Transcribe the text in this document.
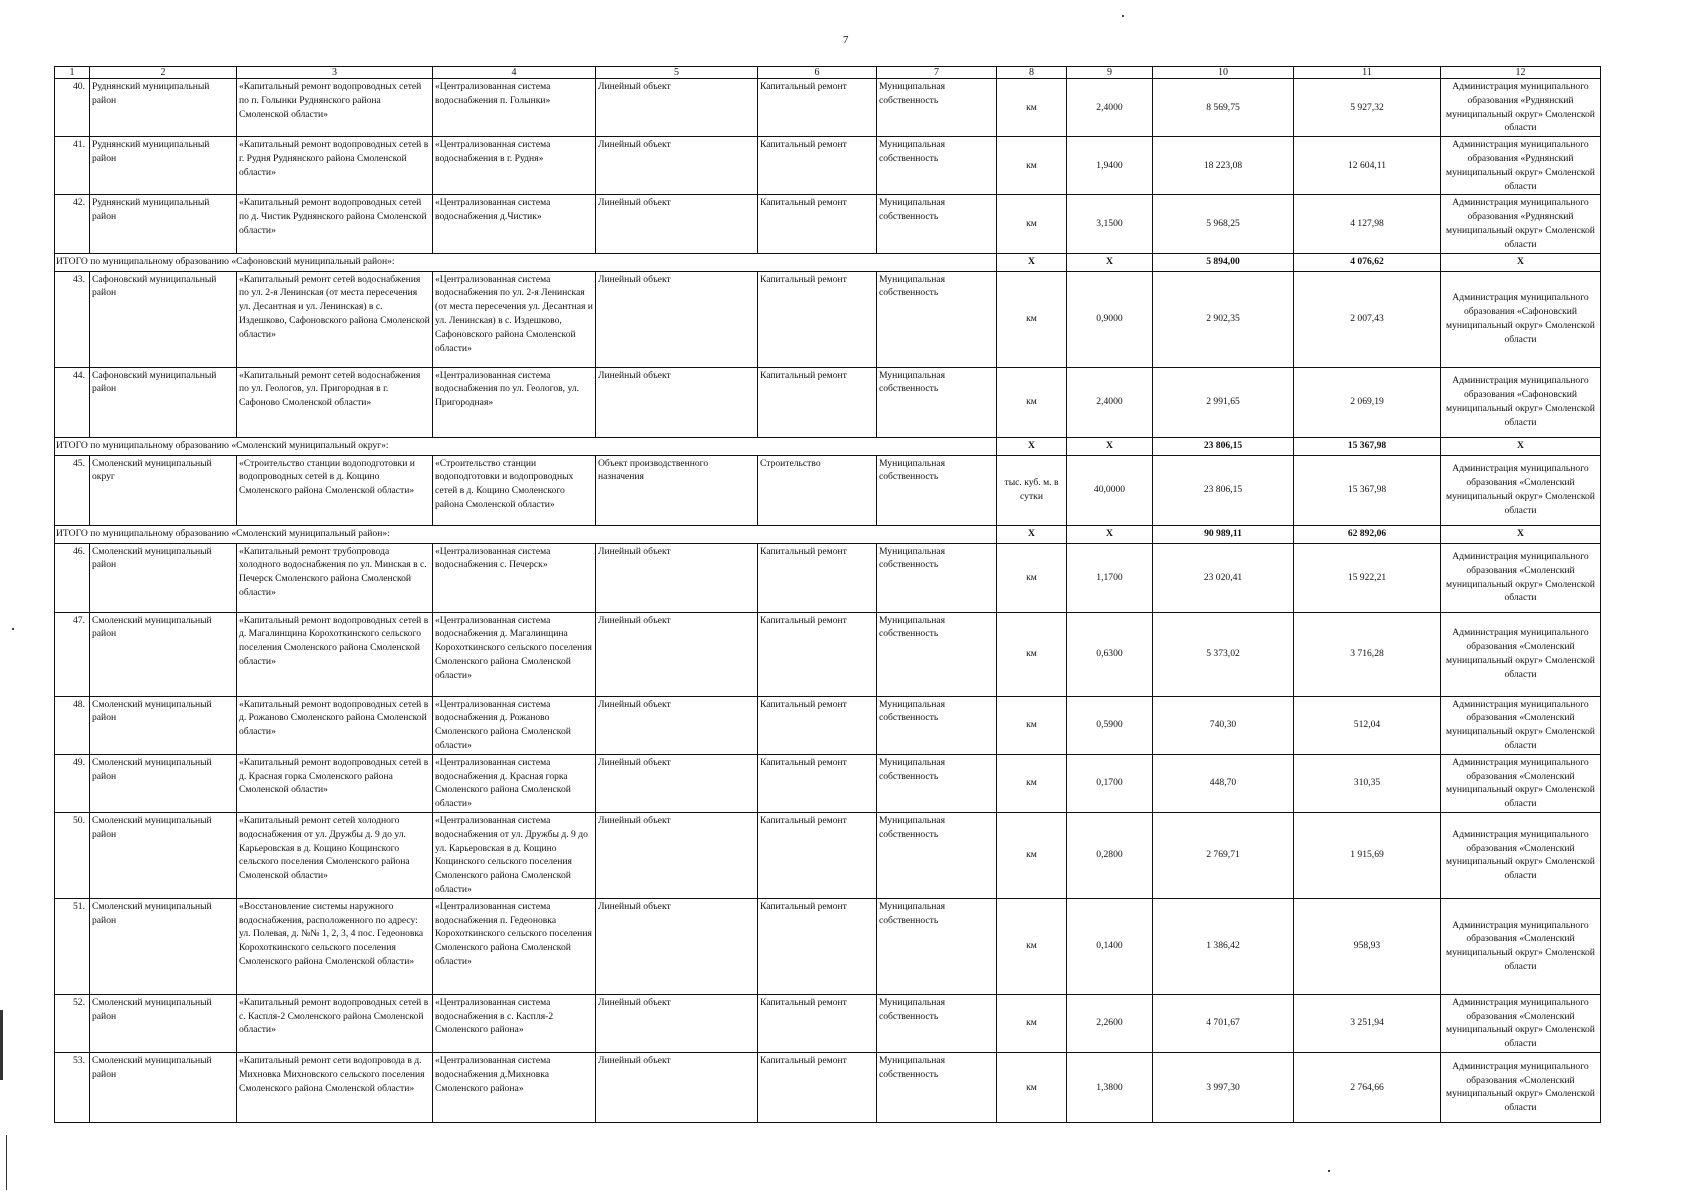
7
1	2	3	4	5	6	7	8	9	10	11	12
40.	Руднянский муниципальный район	«Капитальный ремонт водопроводных сетей по п. Голынки Руднянского района Смоленской области»	«Централизованная система водоснабжения п. Голынки»	Линейный объект	Капитальный ремонт	Муниципальная собственность	км	2,4000	8 569,75	5 927,32	Администрация муниципального образования «Руднянский муниципальный округ» Смоленской области
41.	Руднянский муниципальный район	«Капитальный ремонт водопроводных сетей в г. Рудня Руднянского района Смоленской области»	«Централизованная система водоснабжения в г. Рудня»	Линейный объект	Капитальный ремонт	Муниципальная собственность	км	1,9400	18 223,08	12 604,11	Администрация муниципального образования «Руднянский муниципальный округ» Смоленской области
42.	Руднянский муниципальный район	«Капитальный ремонт водопроводных сетей по д. Чистик Руднянского района Смоленской области»	«Централизованная система водоснабжения д.Чистик»	Линейный объект	Капитальный ремонт	Муниципальная собственность	км	3,1500	5 968,25	4 127,98	Администрация муниципального образования «Руднянский муниципальный округ» Смоленской области
ИТОГО по муниципальному образованию «Сафоновский муниципальный район»:							X	X	5 894,00	4 076,62	X
43.	Сафоновский муниципальный район	«Капитальный ремонт сетей водоснабжения по ул. 2-я Ленинская (от места пересечения ул. Десантная и ул. Ленинская) в с. Издешково, Сафоновского района Смоленской области»	«Централизованная система водоснабжения по ул. 2-я Ленинская (от места пересечения ул. Десантная и ул. Ленинская) в с. Издешково, Сафоновского района Смоленской области»	Линейный объект	Капитальный ремонт	Муниципальная собственность	км	0,9000	2 902,35	2 007,43	Администрация муниципального образования «Сафоновский муниципальный округ» Смоленской области
44.	Сафоновский муниципальный район	«Капитальный ремонт сетей водоснабжения по ул. Геологов, ул. Пригородная в г. Сафоново Смоленской области»	«Централизованная система водоснабжения по ул. Геологов, ул. Пригородная»	Линейный объект	Капитальный ремонт	Муниципальная собственность	км	2,4000	2 991,65	2 069,19	Администрация муниципального образования «Сафоновский муниципальный округ» Смоленской области
ИТОГО по муниципальному образованию «Смоленский муниципальный округ»:							X	X	23 806,15	15 367,98	X
45.	Смоленский муниципальный округ	«Строительство станции водоподготовки и водопроводных сетей в д. Кощино Смоленского района Смоленской области»	«Строительство станции водоподготовки и водопроводных сетей в д. Кощино Смоленского района Смоленской области»	Объект производственного назначения	Строительство	Муниципальная собственность	тыс. куб. м. в сутки	40,0000	23 806,15	15 367,98	Администрация муниципального образования «Смоленский муниципальный округ» Смоленской области
ИТОГО по муниципальному образованию «Смоленский муниципальный район»:							X	X	90 989,11	62 892,06	X
46.	Смоленский муниципальный район	«Капитальный ремонт трубопровода холодного водоснабжения по ул. Минская в с. Печерск Смоленского района Смоленской области»	«Централизованная система водоснабжения с. Печерск»	Линейный объект	Капитальный ремонт	Муниципальная собственность	км	1,1700	23 020,41	15 922,21	Администрация муниципального образования «Смоленский муниципальный округ» Смоленской области
47.	Смоленский муниципальный район	«Капитальный ремонт водопроводных сетей в д. Магалинщина Корохоткинского сельского поселения Смоленского района Смоленской области»	«Централизованная система водоснабжения д. Магалинщина Корохоткинского сельского поселения Смоленского района Смоленской области»	Линейный объект	Капитальный ремонт	Муниципальная собственность	км	0,6300	5 373,02	3 716,28	Администрация муниципального образования «Смоленский муниципальный округ» Смоленской области
48.	Смоленский муниципальный район	«Капитальный ремонт водопроводных сетей в д. Рожаново Смоленского района Смоленской области»	«Централизованная система водоснабжения д. Рожаново Смоленского района Смоленской области»	Линейный объект	Капитальный ремонт	Муниципальная собственность	км	0,5900	740,30	512,04	Администрация муниципального образования «Смоленский муниципальный округ» Смоленской области
49.	Смоленский муниципальный район	«Капитальный ремонт водопроводных сетей в д. Красная горка Смоленского района Смоленской области»	«Централизованная система водоснабжения д. Красная горка Смоленского района Смоленской области»	Линейный объект	Капитальный ремонт	Муниципальная собственность	км	0,1700	448,70	310,35	Администрация муниципального образования «Смоленский муниципальный округ» Смоленской области
50.	Смоленский муниципальный район	«Капитальный ремонт сетей холодного водоснабжения от ул. Дружбы д. 9 до ул. Карьеровская в д. Кощино Кощинского сельского поселения Смоленского района Смоленской области»	«Централизованная система водоснабжения от ул. Дружбы д. 9 до ул. Карьеровская в д. Кощино Кощинского сельского поселения Смоленского района Смоленской области»	Линейный объект	Капитальный ремонт	Муниципальная собственность	км	0,2800	2 769,71	1 915,69	Администрация муниципального образования «Смоленский муниципальный округ» Смоленской области
51.	Смоленский муниципальный район	«Восстановление системы наружного водоснабжения, расположенного по адресу: ул. Полевая, д. №№ 1, 2, 3, 4 пос. Гедеоновка Корохоткинского сельского поселения Смоленского района Смоленской области»	«Централизованная система водоснабжения п. Гедеоновка Корохоткинского сельского поселения Смоленского района Смоленской области»	Линейный объект	Капитальный ремонт	Муниципальная собственность	км	0,1400	1 386,42	958,93	Администрация муниципального образования «Смоленский муниципальный округ» Смоленской области
52.	Смоленский муниципальный район	«Капитальный ремонт водопроводных сетей в с. Каспля-2 Смоленского района Смоленской области»	«Централизованная система водоснабжения в с. Каспля-2 Смоленского района»	Линейный объект	Капитальный ремонт	Муниципальная собственность	км	2,2600	4 701,67	3 251,94	Администрация муниципального образования «Смоленский муниципальный округ» Смоленской области
53.	Смоленский муниципальный район	«Капитальный ремонт сети водопровода в д. Михновка Михновского сельского поселения Смоленского района Смоленской области»	«Централизованная система водоснабжения д.Михновка Смоленского района»	Линейный объект	Капитальный ремонт	Муниципальная собственность	км	1,3800	3 997,30	2 764,66	Администрация муниципального образования «Смоленский муниципальный округ» Смоленской области
